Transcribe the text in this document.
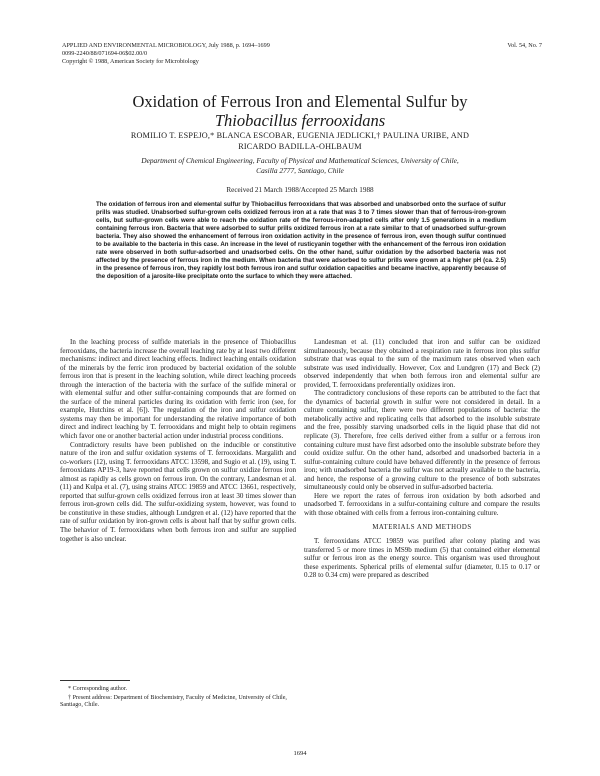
APPLIED AND ENVIRONMENTAL MICROBIOLOGY, July 1988, p. 1694–1699
0099-2240/88/071694-06$02.00/0
Copyright © 1988, American Society for Microbiology
Vol. 54, No. 7
Oxidation of Ferrous Iron and Elemental Sulfur by
Thiobacillus ferrooxidans
ROMILIO T. ESPEJO,* BLANCA ESCOBAR, EUGENIA JEDLICKI,† PAULINA URIBE, AND
RICARDO BADILLA-OHLBAUM
Department of Chemical Engineering, Faculty of Physical and Mathematical Sciences, University of Chile,
Casilla 2777, Santiago, Chile
Received 21 March 1988/Accepted 25 March 1988

The oxidation of ferrous iron and elemental sulfur by Thiobacillus ferrooxidans that was absorbed and unabsorbed onto the surface of sulfur prills was studied. Unabsorbed sulfur-grown cells oxidized ferrous iron at a rate that was 3 to 7 times slower than that of ferrous-iron-grown cells, but sulfur-grown cells were able to reach the oxidation rate of the ferrous-iron-adapted cells after only 1.5 generations in a medium containing ferrous iron. Bacteria that were adsorbed to sulfur prills oxidized ferrous iron at a rate similar to that of unadsorbed sulfur-grown bacteria. They also showed the enhancement of ferrous iron oxidation activity in the presence of ferrous iron, even though sulfur continued to be available to the bacteria in this case. An increase in the level of rusticyanin together with the enhancement of the ferrous iron oxidation rate were observed in both sulfur-adsorbed and unadsorbed cells. On the other hand, sulfur oxidation by the adsorbed bacteria was not affected by the presence of ferrous iron in the medium. When bacteria that were adsorbed to sulfur prills were grown at a higher pH (ca. 2.5) in the presence of ferrous iron, they rapidly lost both ferrous iron and sulfur oxidation capacities and became inactive, apparently because of the deposition of a jarosite-like precipitate onto the surface to which they were attached.

In the leaching process of sulfide materials in the presence of Thiobacillus ferrooxidans, the bacteria increase the overall leaching rate by at least two different mechanisms: indirect and direct leaching effects. Indirect leaching entails oxidation of the minerals by the ferric iron produced by bacterial oxidation of the soluble ferrous iron that is present in the leaching solution, while direct leaching proceeds through the interaction of the bacteria with the surface of the sulfide mineral or with elemental sulfur and other sulfur-containing compounds that are formed on the surface of the mineral particles during its oxidation with ferric iron (see, for example, Hutchins et al. [6]). The regulation of the iron and sulfur oxidation systems may then be important for understanding the relative importance of both direct and indirect leaching by T. ferrooxidans and might help to obtain regimens which favor one or another bacterial action under industrial process conditions.

Contradictory results have been published on the inducible or constitutive nature of the iron and sulfur oxidation systems of T. ferrooxidans. Margalith and co-workers (12), using T. ferrooxidans ATCC 13598, and Sugio et al. (19), using T. ferrooxidans AP19-3, have reported that cells grown on sulfur oxidize ferrous iron almost as rapidly as cells grown on ferrous iron. On the contrary, Landesman et al. (11) and Kulpa et al. (7), using strains ATCC 19859 and ATCC 13661, respectively, reported that sulfur-grown cells oxidized ferrous iron at least 30 times slower than ferrous iron-grown cells did. The sulfur-oxidizing system, however, was found to be constitutive in these studies, although Lundgren et al. (12) have reported that the rate of sulfur oxidation by iron-grown cells is about half that by sulfur grown cells. The behavior of T. ferrooxidans when both ferrous iron and sulfur are supplied together is also unclear.

* Corresponding author.

† Present address: Department of Biochemistry, Faculty of Medicine, University of Chile, Santiago, Chile.

Landesman et al. (11) concluded that iron and sulfur can be oxidized simultaneously, because they obtained a respiration rate in ferrous iron plus sulfur substrate that was equal to the sum of the maximum rates observed when each substrate was used individually. However, Cox and Lundgren (17) and Beck (2) observed independently that when both ferrous iron and elemental sulfur are provided, T. ferrooxidans preferentially oxidizes iron.

The contradictory conclusions of these reports can be attributed to the fact that the dynamics of bacterial growth in sulfur were not considered in detail. In a culture containing sulfur, there were two different populations of bacteria: the metabolically active and replicating cells that adsorbed to the insoluble substrate and the free, possibly starving unadsorbed cells in the liquid phase that did not replicate (3). Therefore, free cells derived either from a sulfur or a ferrous iron containing culture must have first adsorbed onto the insoluble substrate before they could oxidize sulfur. On the other hand, adsorbed and unadsorbed bacteria in a sulfur-containing culture could have behaved differently in the presence of ferrous iron; with unadsorbed bacteria the sulfur was not actually available to the bacteria, and hence, the response of a growing culture to the presence of both substrates simultaneously could only be observed in sulfur-adsorbed bacteria.

Here we report the rates of ferrous iron oxidation by both adsorbed and unadsorbed T. ferrooxidans in a sulfur-containing culture and compare the results with those obtained with cells from a ferrous iron-containing culture.

MATERIALS AND METHODS

T. ferrooxidans ATCC 19859 was purified after colony plating and was transferred 5 or more times in MS9b medium (5) that contained either elemental sulfur or ferrous iron as the energy source. This organism was used throughout these experiments. Spherical prills of elemental sulfur (diameter, 0.15 to 0.17 or 0.28 to 0.34 cm) were prepared as described

1694
